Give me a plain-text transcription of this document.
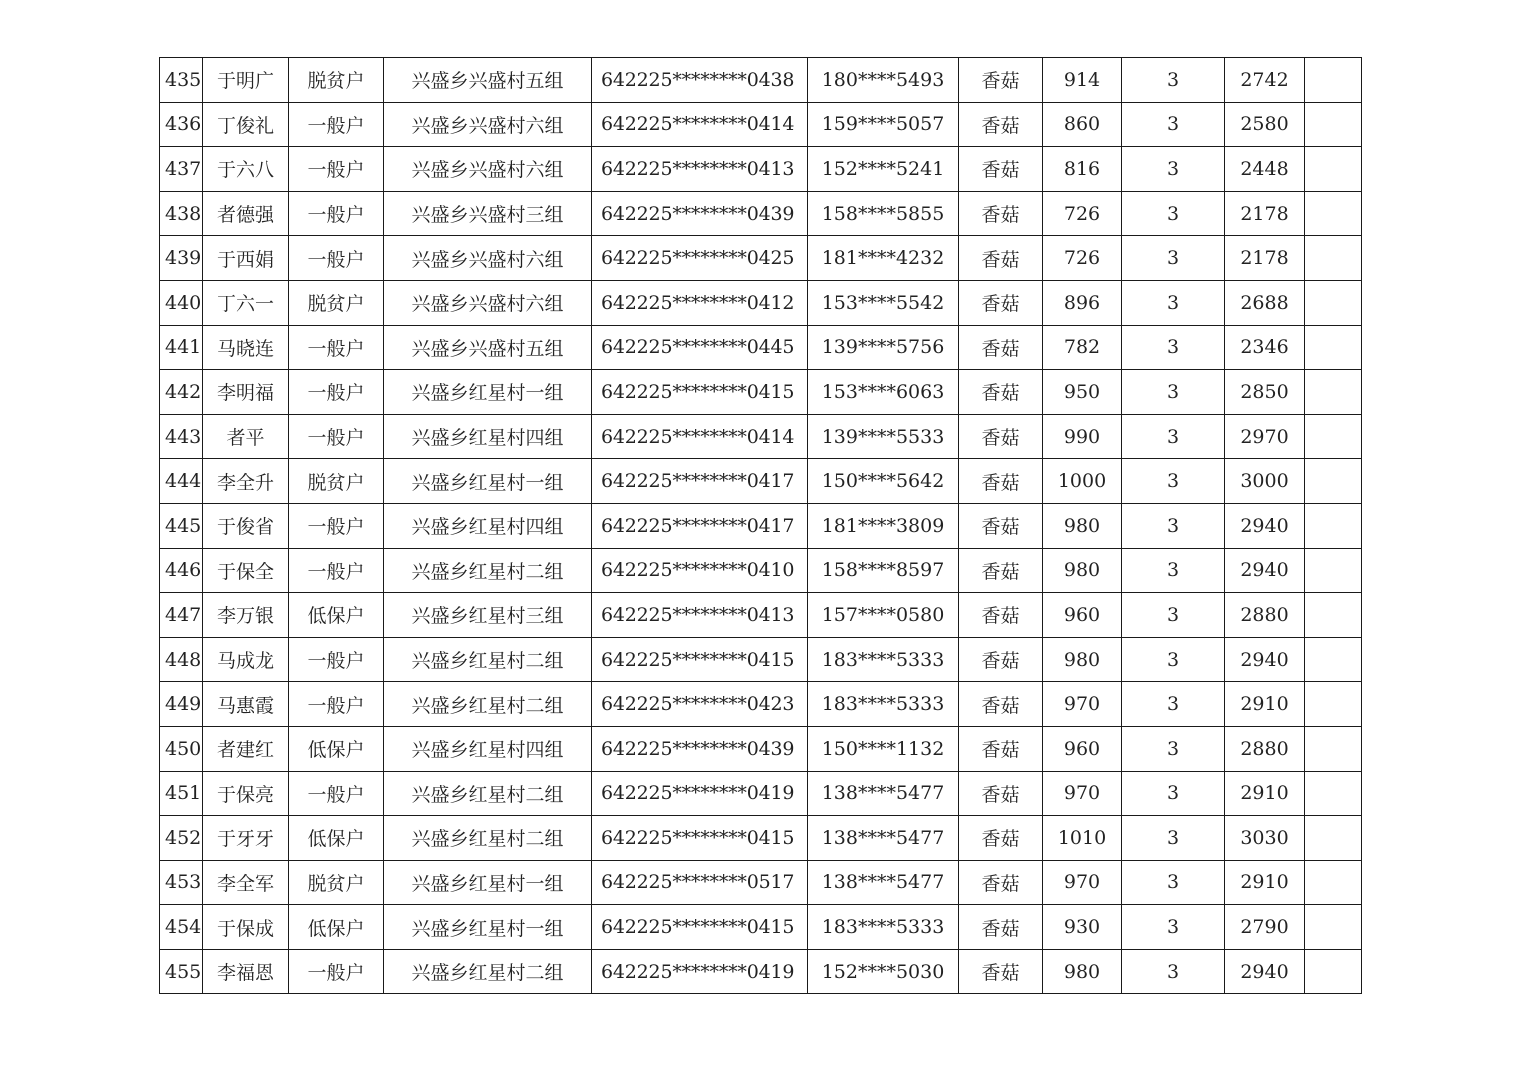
435	于明广	脱贫户	兴盛乡兴盛村五组	642225********0438	180****5493	香菇	914	3	2742	
436	丁俊礼	一般户	兴盛乡兴盛村六组	642225********0414	159****5057	香菇	860	3	2580	
437	于六八	一般户	兴盛乡兴盛村六组	642225********0413	152****5241	香菇	816	3	2448	
438	者德强	一般户	兴盛乡兴盛村三组	642225********0439	158****5855	香菇	726	3	2178	
439	于西娟	一般户	兴盛乡兴盛村六组	642225********0425	181****4232	香菇	726	3	2178	
440	丁六一	脱贫户	兴盛乡兴盛村六组	642225********0412	153****5542	香菇	896	3	2688	
441	马晓连	一般户	兴盛乡兴盛村五组	642225********0445	139****5756	香菇	782	3	2346	
442	李明福	一般户	兴盛乡红星村一组	642225********0415	153****6063	香菇	950	3	2850	
443	者平	一般户	兴盛乡红星村四组	642225********0414	139****5533	香菇	990	3	2970	
444	李全升	脱贫户	兴盛乡红星村一组	642225********0417	150****5642	香菇	1000	3	3000	
445	于俊省	一般户	兴盛乡红星村四组	642225********0417	181****3809	香菇	980	3	2940	
446	于保全	一般户	兴盛乡红星村二组	642225********0410	158****8597	香菇	980	3	2940	
447	李万银	低保户	兴盛乡红星村三组	642225********0413	157****0580	香菇	960	3	2880	
448	马成龙	一般户	兴盛乡红星村二组	642225********0415	183****5333	香菇	980	3	2940	
449	马惠霞	一般户	兴盛乡红星村二组	642225********0423	183****5333	香菇	970	3	2910	
450	者建红	低保户	兴盛乡红星村四组	642225********0439	150****1132	香菇	960	3	2880	
451	于保亮	一般户	兴盛乡红星村二组	642225********0419	138****5477	香菇	970	3	2910	
452	于牙牙	低保户	兴盛乡红星村二组	642225********0415	138****5477	香菇	1010	3	3030	
453	李全军	脱贫户	兴盛乡红星村一组	642225********0517	138****5477	香菇	970	3	2910	
454	于保成	低保户	兴盛乡红星村一组	642225********0415	183****5333	香菇	930	3	2790	
455	李福恩	一般户	兴盛乡红星村二组	642225********0419	152****5030	香菇	980	3	2940	
